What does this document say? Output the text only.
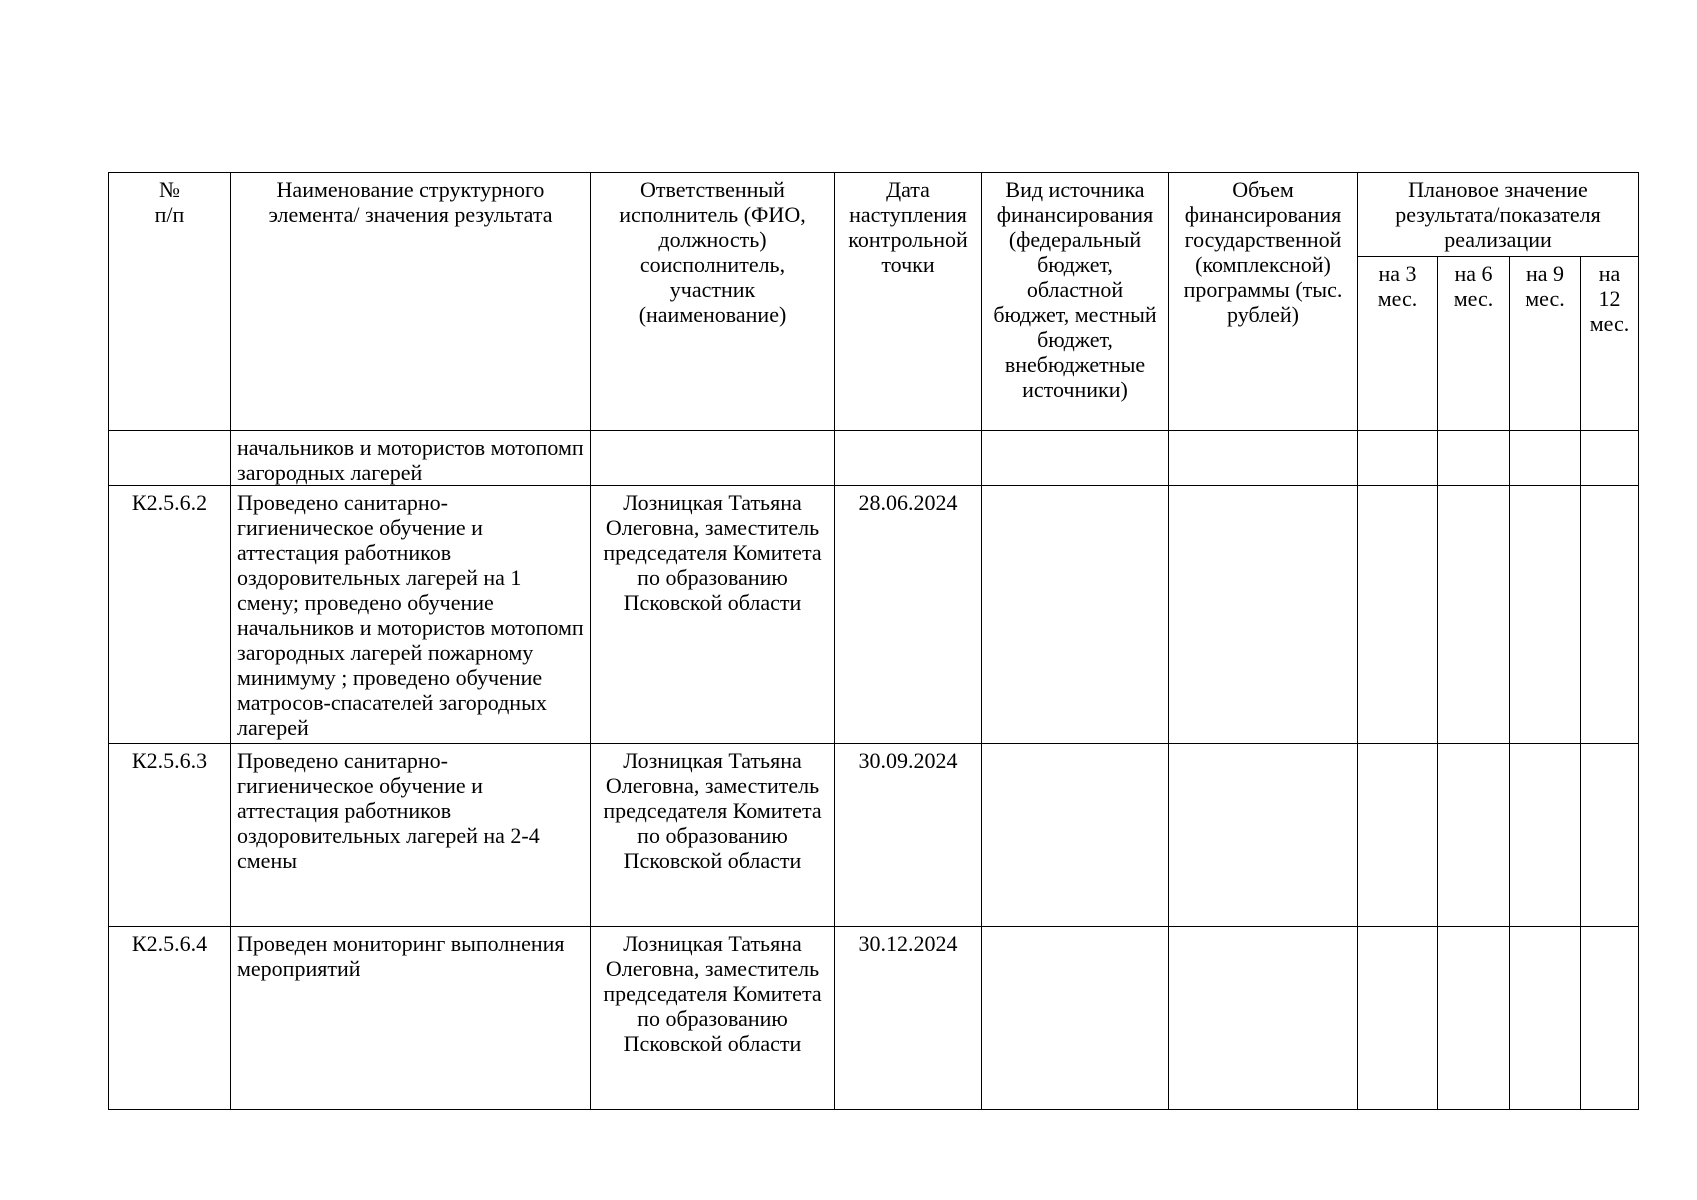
№
п/п	Наименование структурного элемента/ значения результата	Ответственный исполнитель (ФИО, должность) соисполнитель, участник (наименование)	Дата наступления контрольной точки	Вид источника финансирования (федеральный бюджет, областной бюджет, местный бюджет, внебюджетные источники)	Объем финансирования государственной (комплексной) программы (тыс. рублей)	Плановое значение результата/показателя реализации			
						на 3 мес.	на 6 мес.	на 9 мес.	на 12 мес.
	начальников и мотористов мотопомп загородных лагерей								
К2.5.6.2	Проведено санитарно-гигиеническое обучение и аттестация работников оздоровительных лагерей на 1 смену; проведено обучение начальников и мотористов мотопомп загородных лагерей пожарному минимуму ; проведено обучение матросов-спасателей загородных лагерей	Лозницкая Татьяна Олеговна, заместитель председателя Комитета по образованию Псковской области	28.06.2024						
К2.5.6.3	Проведено санитарно-гигиеническое обучение и аттестация работников оздоровительных лагерей на 2-4 смены	Лозницкая Татьяна Олеговна, заместитель председателя Комитета по образованию Псковской области	30.09.2024						
К2.5.6.4	Проведен мониторинг выполнения мероприятий	Лозницкая Татьяна Олеговна, заместитель председателя Комитета по образованию Псковской области	30.12.2024						
